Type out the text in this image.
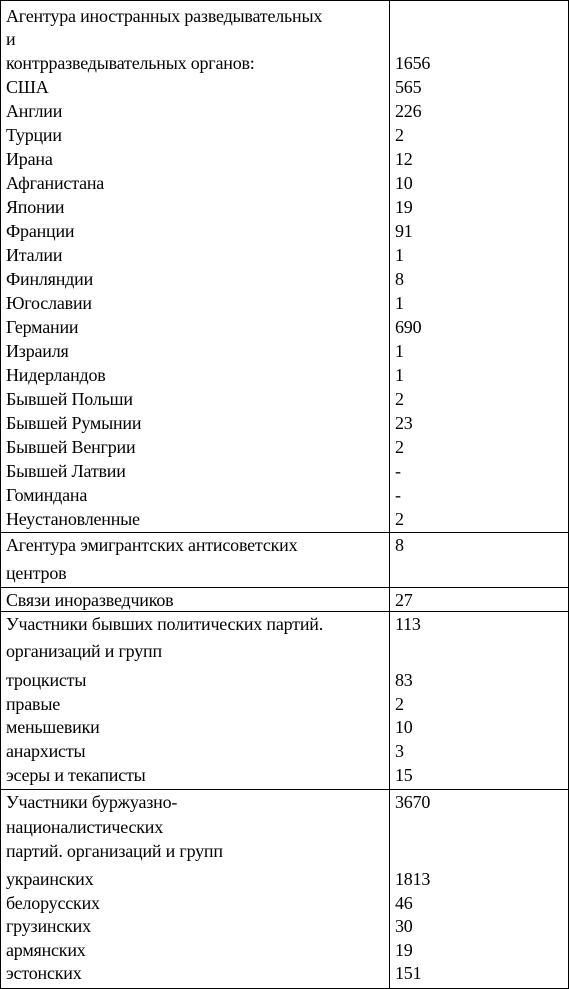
Агентура иностранных разведывательных
и
контрразведывательных органов:	1656
США	565
Англии	226
Турции	2
Ирана	12
Афганистана	10
Японии	19
Франции	91
Италии	1
Финляндии	8
Югославии	1
Германии	690
Израиля	1
Нидерландов	1
Бывшей Польши	2
Бывшей Румынии	23
Бывшей Венгрии	2
Бывшей Латвии	-
Гоминдана	-
Неустановленные	2
Агентура эмигрантских антисоветских	8
центров
Связи иноразведчиков	27
Участники бывших политических партий.	113
организаций и групп
троцкисты	83
правые	2
меньшевики	10
анархисты	3
эсеры и текаписты	15
Участники буржуазно-	3670
националистических
партий. организаций и групп
украинских	1813
белорусских	46
грузинских	30
армянских	19
эстонских	151
